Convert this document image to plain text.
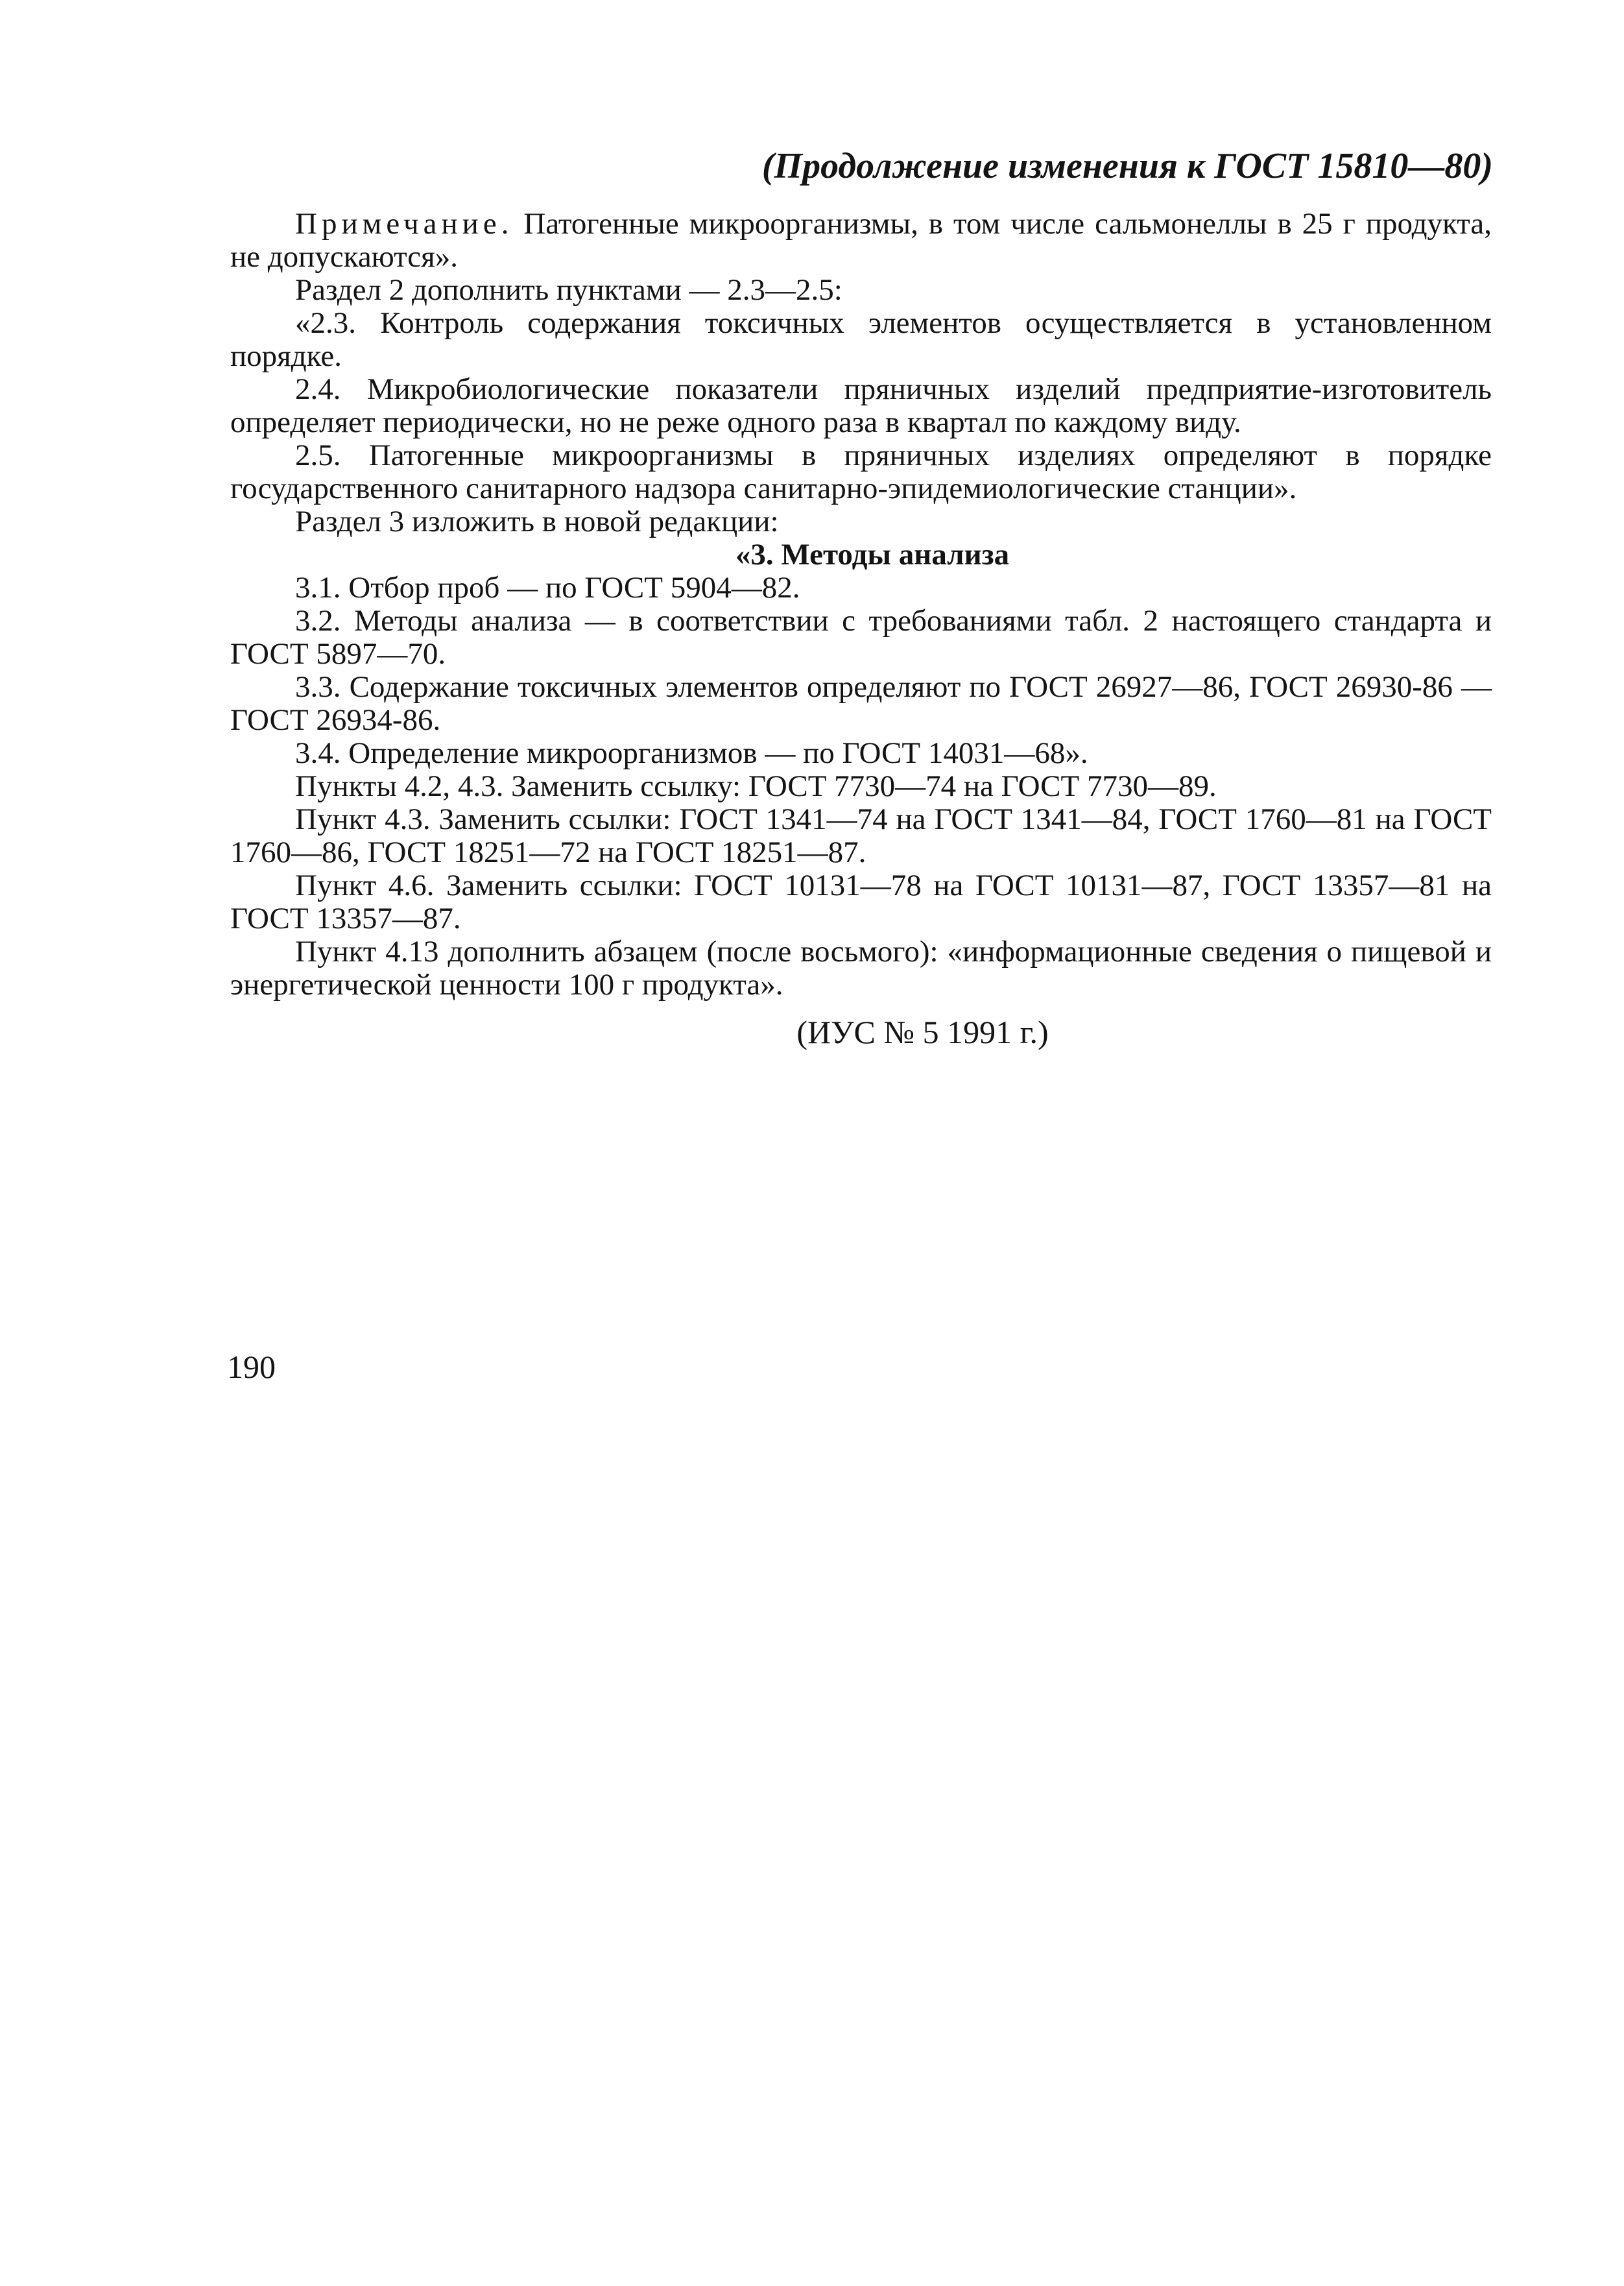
(Продолжение изменения к ГОСТ 15810—80)

Примечание. Патогенные микроорганизмы, в том числе сальмонеллы в 25 г продукта, не допускаются».

Раздел 2 дополнить пунктами — 2.3—2.5:

«2.3. Контроль содержания токсичных элементов осуществляется в установленном порядке.

2.4. Микробиологические показатели пряничных изделий предприятие-изготовитель определяет периодически, но не реже одного раза в квартал по каждому виду.

2.5. Патогенные микроорганизмы в пряничных изделиях определяют в порядке государственного санитарного надзора санитарно-эпидемиологические станции».

Раздел 3 изложить в новой редакции:

«3. Методы анализа

3.1. Отбор проб — по ГОСТ 5904—82.

3.2. Методы анализа — в соответствии с требованиями табл. 2 настоящего стандарта и ГОСТ 5897—70.

3.3. Содержание токсичных элементов определяют по ГОСТ 26927—86, ГОСТ 26930-86 — ГОСТ 26934-86.

3.4. Определение микроорганизмов — по ГОСТ 14031—68».

Пункты 4.2, 4.3. Заменить ссылку: ГОСТ 7730—74 на ГОСТ 7730—89.

Пункт 4.3. Заменить ссылки: ГОСТ 1341—74 на ГОСТ 1341—84, ГОСТ 1760—81 на ГОСТ 1760—86, ГОСТ 18251—72 на ГОСТ 18251—87.

Пункт 4.6. Заменить ссылки: ГОСТ 10131—78 на ГОСТ 10131—87, ГОСТ 13357—81 на ГОСТ 13357—87.

Пункт 4.13 дополнить абзацем (после восьмого): «информационные сведения о пищевой и энергетической ценности 100 г продукта».

(ИУС № 5 1991 г.)

190
